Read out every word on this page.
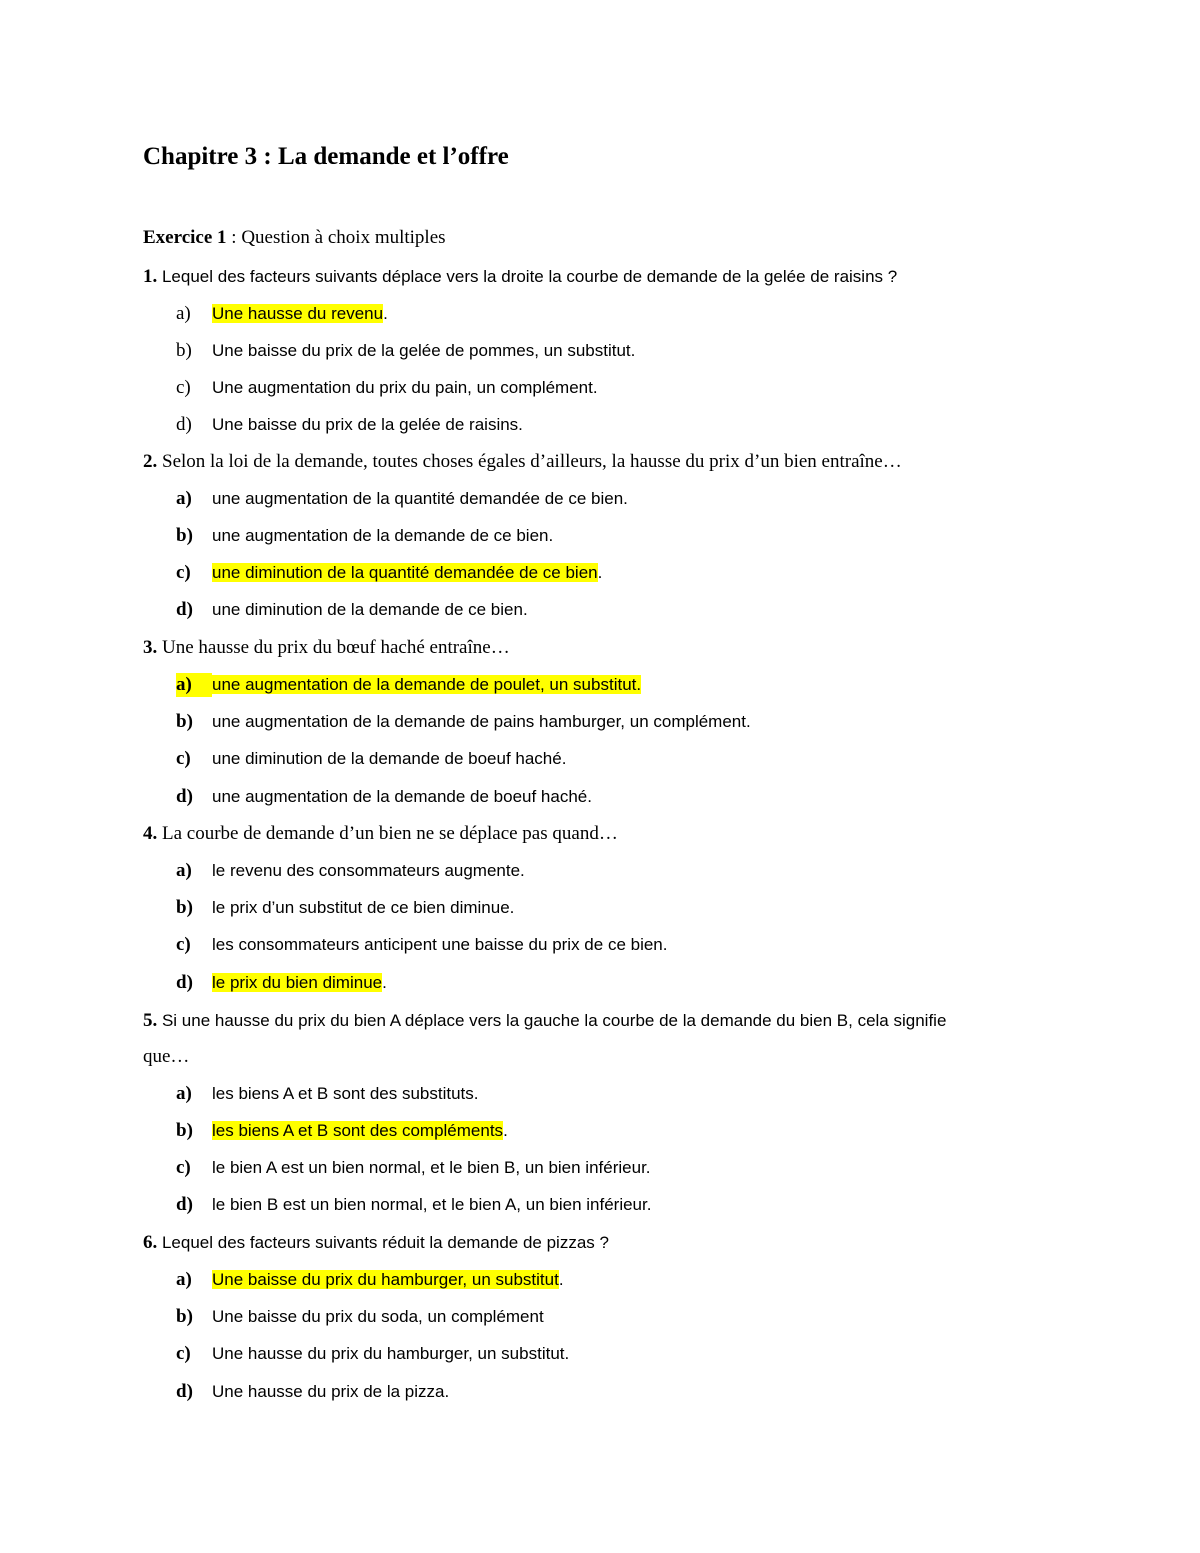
Chapitre 3 : La demande et l’offre
Exercice 1 : Question à choix multiples
1. Lequel des facteurs suivants déplace vers la droite la courbe de demande de la gelée de raisins ?
a) Une hausse du revenu.
b) Une baisse du prix de la gelée de pommes, un substitut.
c) Une augmentation du prix du pain, un complément.
d) Une baisse du prix de la gelée de raisins.
2. Selon la loi de la demande, toutes choses égales d’ailleurs, la hausse du prix d’un bien entraîne…
a) une augmentation de la quantité demandée de ce bien.
b) une augmentation de la demande de ce bien.
c) une diminution de la quantité demandée de ce bien.
d) une diminution de la demande de ce bien.
3. Une hausse du prix du bœuf haché entraîne…
a) une augmentation de la demande de poulet, un substitut.
b) une augmentation de la demande de pains hamburger, un complément.
c) une diminution de la demande de boeuf haché.
d) une augmentation de la demande de boeuf haché.
4. La courbe de demande d’un bien ne se déplace pas quand…
a) le revenu des consommateurs augmente.
b) le prix d’un substitut de ce bien diminue.
c) les consommateurs anticipent une baisse du prix de ce bien.
d) le prix du bien diminue.
5. Si une hausse du prix du bien A déplace vers la gauche la courbe de la demande du bien B, cela signifie
que…
a) les biens A et B sont des substituts.
b) les biens A et B sont des compléments.
c) le bien A est un bien normal, et le bien B, un bien inférieur.
d) le bien B est un bien normal, et le bien A, un bien inférieur.
6. Lequel des facteurs suivants réduit la demande de pizzas ?
a) Une baisse du prix du hamburger, un substitut.
b) Une baisse du prix du soda, un complément
c) Une hausse du prix du hamburger, un substitut.
d) Une hausse du prix de la pizza.
